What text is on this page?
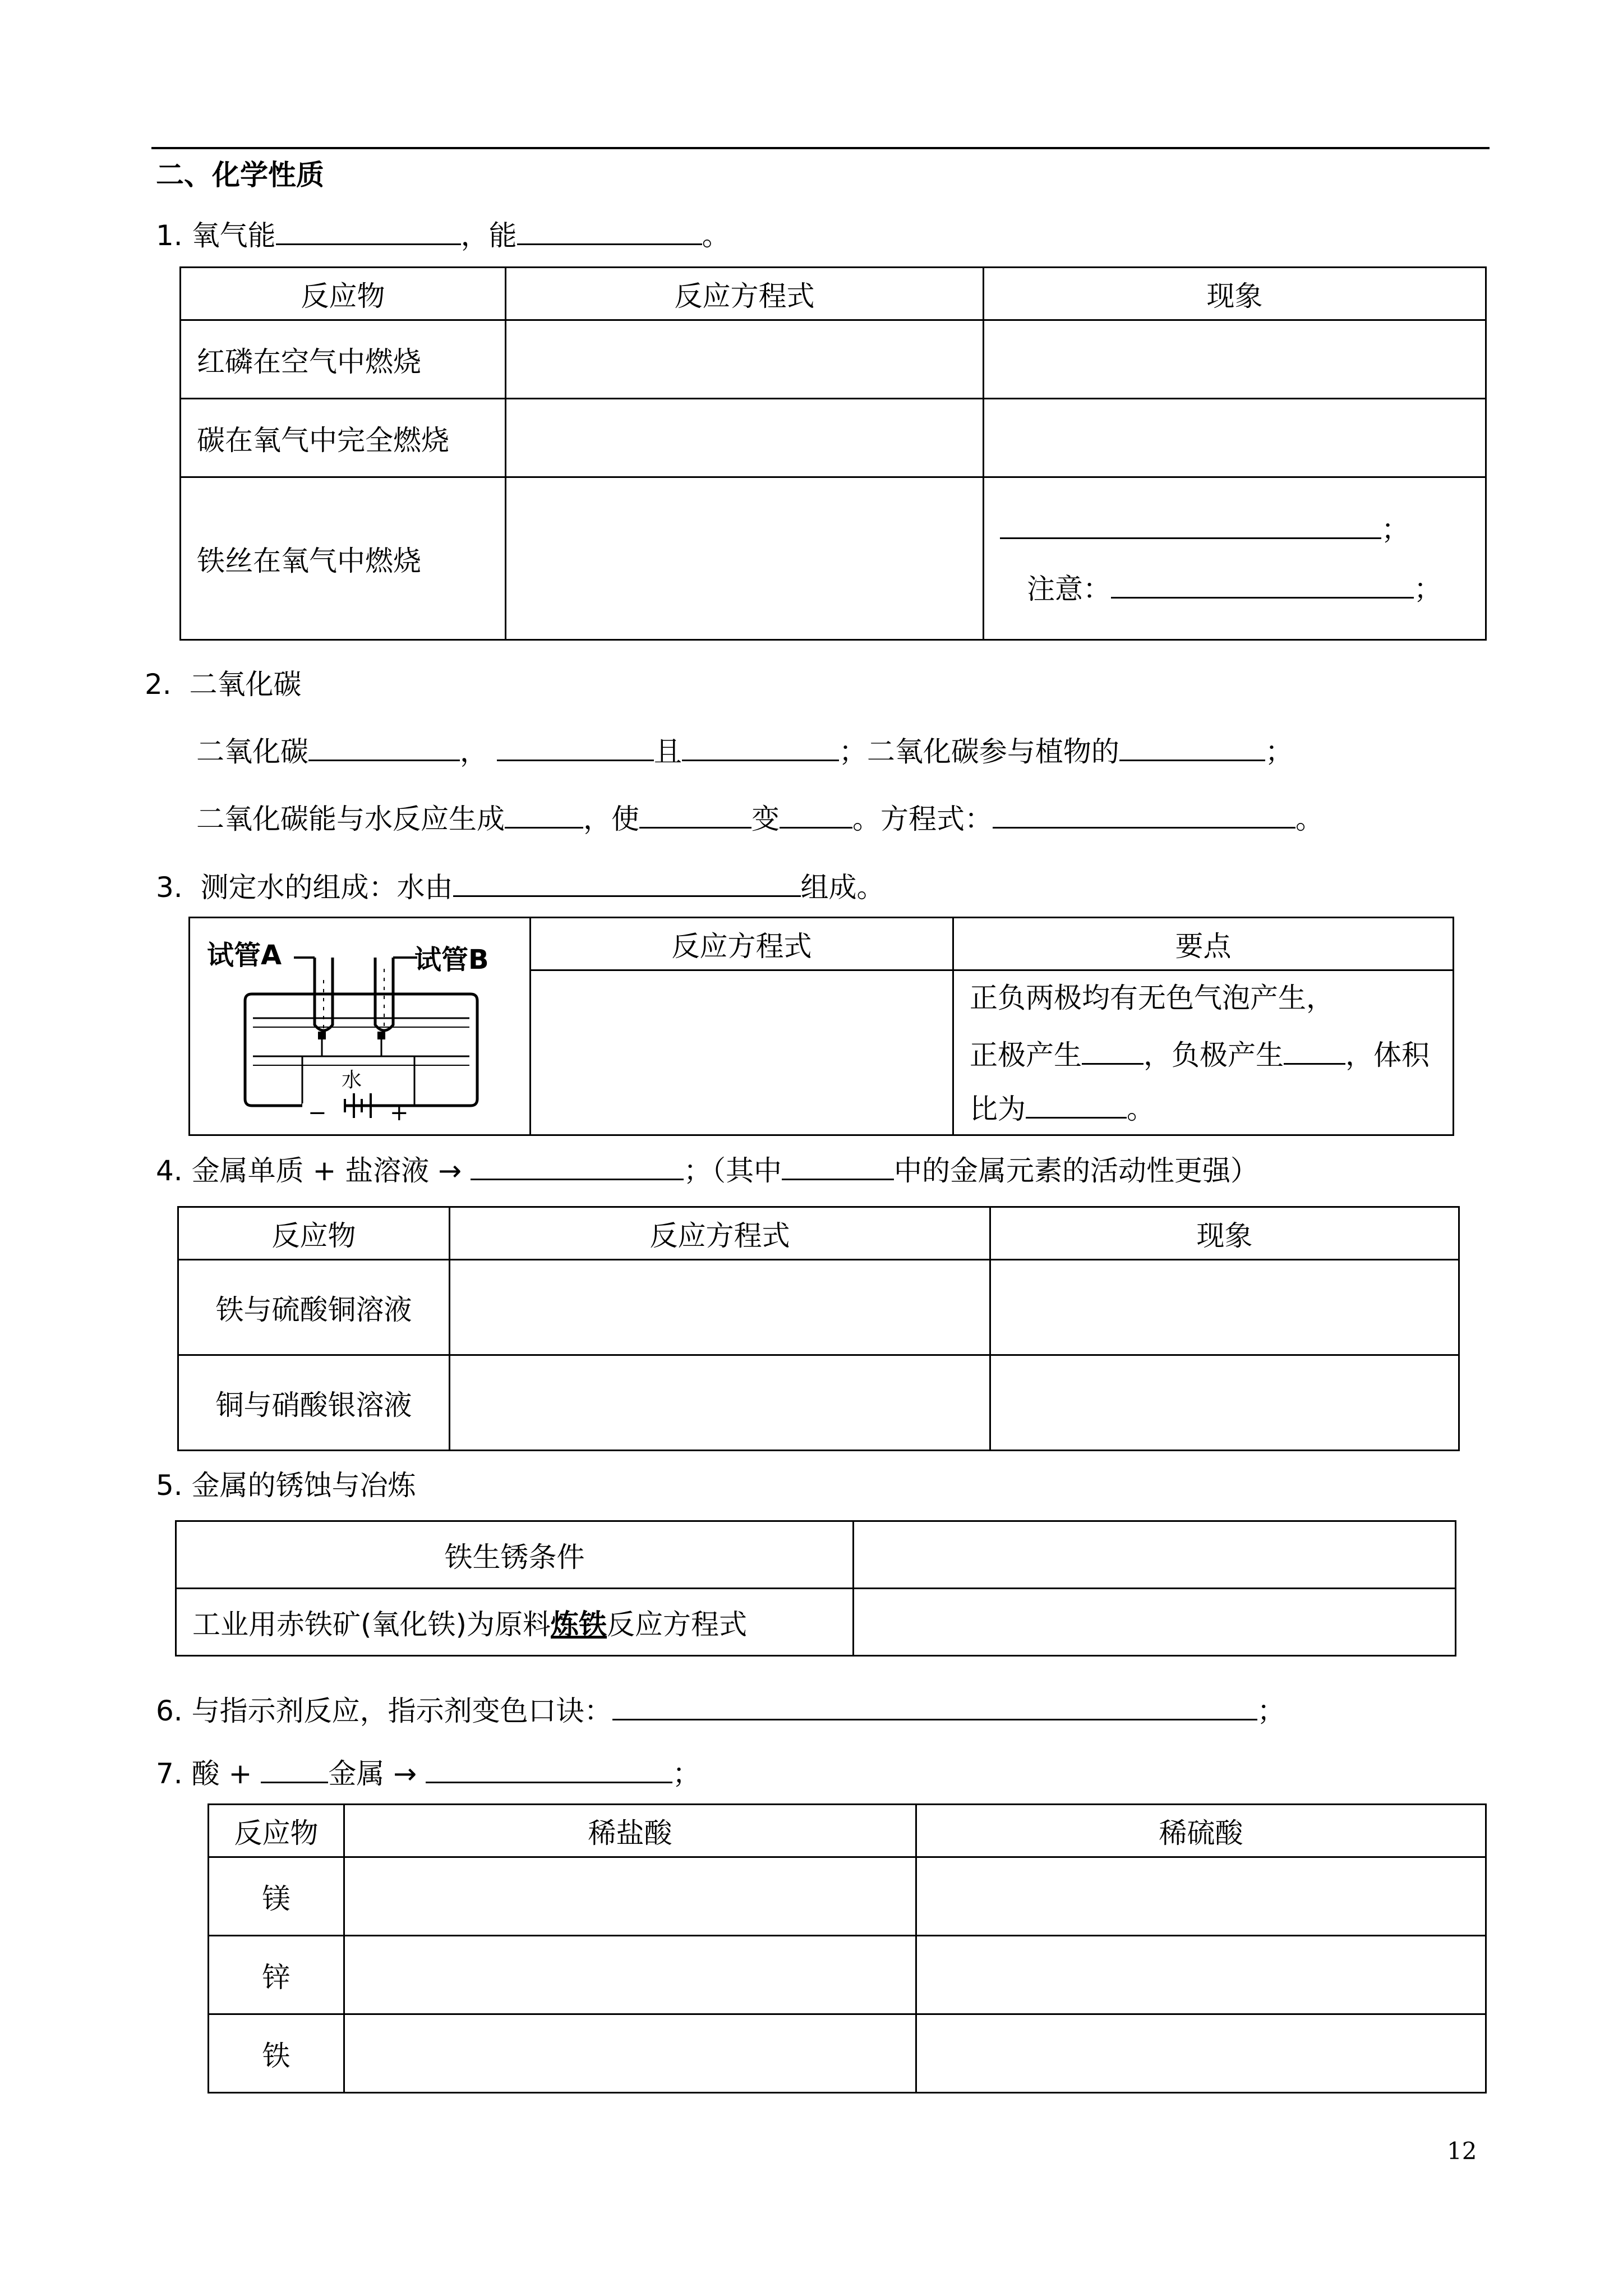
二、化学性质
1. 氧气能	，能	。
反应物	反应方程式	现象
红磷在空气中燃烧		
碳在氧气中完全燃烧		
铁丝在氧气中燃烧		；
注意： ；
2. 二氧化碳
二氧化碳	，	且	；二氧化碳参与植物的	；
二氧化碳能与水反应生成	，使	变	。方程式：	。
3. 测定水的组成：水由	组成。
试管A 试管B
水
− +	反应方程式	要点

		正负两极均有无色气泡产生，
正极产生 ，负极产生 ，体积
比为 。
4. 金属单质 + 盐溶液 →	；（其中	中的金属元素的活动性更强）
反应物	反应方程式	现象
铁与硫酸铜溶液		
铜与硝酸银溶液		
5. 金属的锈蚀与冶炼
铁生锈条件	
工业用赤铁矿(氧化铁)为原料炼铁反应方程式	
6. 与指示剂反应，指示剂变色口诀：	；
7. 酸 +	金属 →	；
反应物	稀盐酸	稀硫酸
镁		
锌		
铁		
12
